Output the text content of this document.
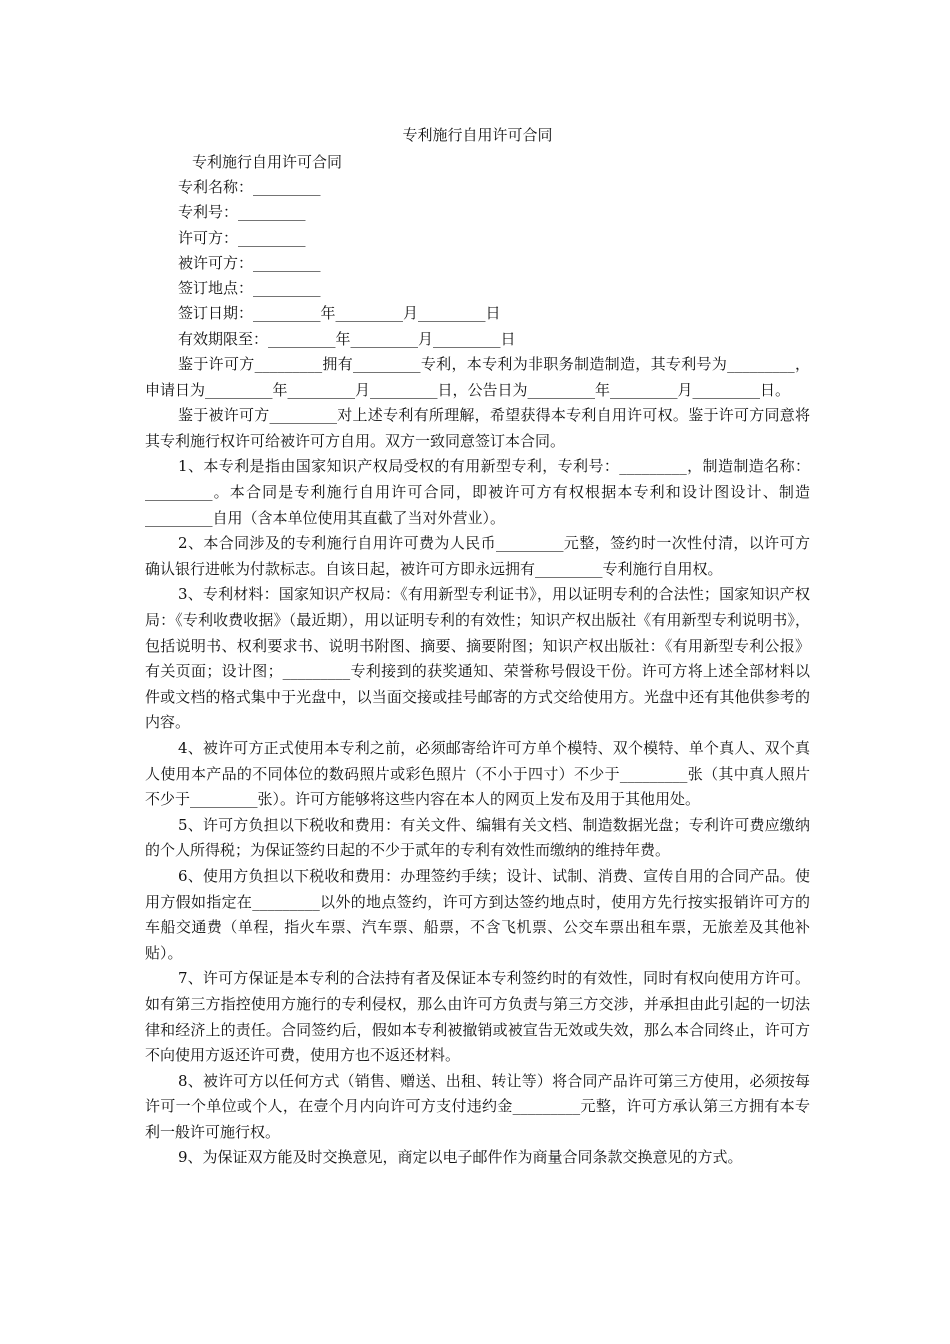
专利施行自用许可合同
专利施行自用许可合同
专利名称：_________
专利号：_________
许可方：_________
被许可方：_________
签订地点：_________
签订日期：_________年_________月_________日
有效期限至：_________年_________月_________日

鉴于许可方_________拥有_________专利，本专利为非职务制造制造，其专利号为_________，申请日为_________年_________月_________日，公告日为_________年_________月_________日。

鉴于被许可方_________对上述专利有所理解，希望获得本专利自用许可权。鉴于许可方同意将其专利施行权许可给被许可方自用。双方一致同意签订本合同。

1、本专利是指由国家知识产权局受权的有用新型专利，专利号：_________，制造制造名称：_________。本合同是专利施行自用许可合同，即被许可方有权根据本专利和设计图设计、制造_________自用（含本单位使用其直截了当对外营业）。

2、本合同涉及的专利施行自用许可费为人民币_________元整，签约时一次性付清，以许可方确认银行进帐为付款标志。自该日起，被许可方即永远拥有_________专利施行自用权。

3、专利材料：国家知识产权局：《有用新型专利证书》，用以证明专利的合法性；国家知识产权局：《专利收费收据》（最近期），用以证明专利的有效性；知识产权出版社《有用新型专利说明书》，包括说明书、权利要求书、说明书附图、摘要、摘要附图；知识产权出版社：《有用新型专利公报》有关页面；设计图；_________专利接到的获奖通知、荣誉称号假设干份。许可方将上述全部材料以件或文档的格式集中于光盘中，以当面交接或挂号邮寄的方式交给使用方。光盘中还有其他供参考的内容。

4、被许可方正式使用本专利之前，必须邮寄给许可方单个模特、双个模特、单个真人、双个真人使用本产品的不同体位的数码照片或彩色照片（不小于四寸）不少于_________张（其中真人照片不少于_________张）。许可方能够将这些内容在本人的网页上发布及用于其他用处。

5、许可方负担以下税收和费用：有关文件、编辑有关文档、制造数据光盘；专利许可费应缴纳的个人所得税；为保证签约日起的不少于贰年的专利有效性而缴纳的维持年费。

6、使用方负担以下税收和费用：办理签约手续；设计、试制、消费、宣传自用的合同产品。使用方假如指定在_________以外的地点签约，许可方到达签约地点时，使用方先行按实报销许可方的车船交通费（单程，指火车票、汽车票、船票，不含飞机票、公交车票出租车票，无旅差及其他补贴）。

7、许可方保证是本专利的合法持有者及保证本专利签约时的有效性，同时有权向使用方许可。如有第三方指控使用方施行的专利侵权，那么由许可方负责与第三方交涉，并承担由此引起的一切法律和经济上的责任。合同签约后，假如本专利被撤销或被宣告无效或失效，那么本合同终止，许可方不向使用方返还许可费，使用方也不返还材料。

8、被许可方以任何方式（销售、赠送、出租、转让等）将合同产品许可第三方使用，必须按每许可一个单位或个人，在壹个月内向许可方支付违约金_________元整，许可方承认第三方拥有本专利一般许可施行权。

9、为保证双方能及时交换意见，商定以电子邮件作为商量合同条款交换意见的方式。
